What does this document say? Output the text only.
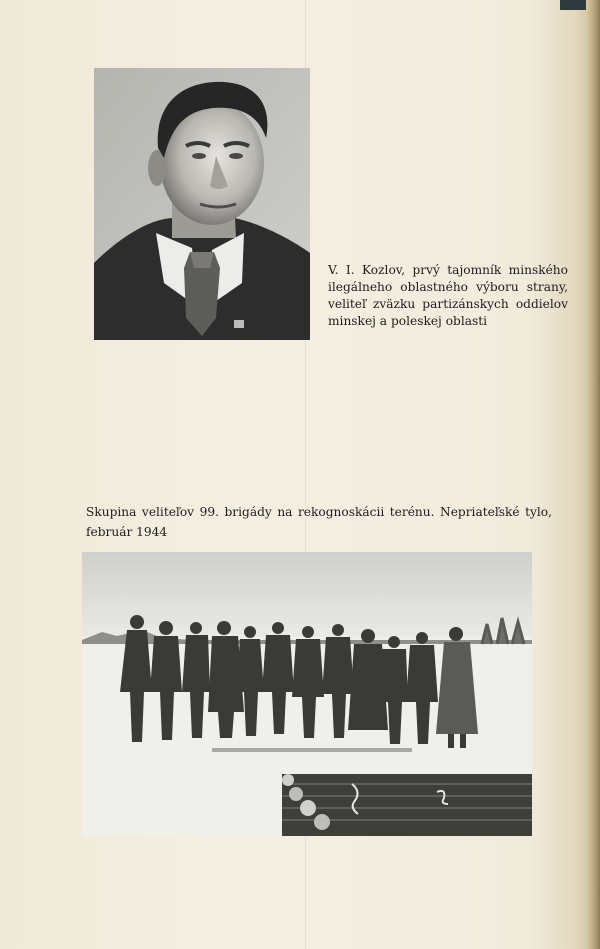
V. I. Kozlov, prvý tajomník minského ilegálneho oblastného výboru strany, veliteľ zväzku partizánskych oddielov minskej a poleskej oblasti

Skupina veliteľov 99. brigády na rekognoskácii terénu. Nepriateľské tylo, február 1944
